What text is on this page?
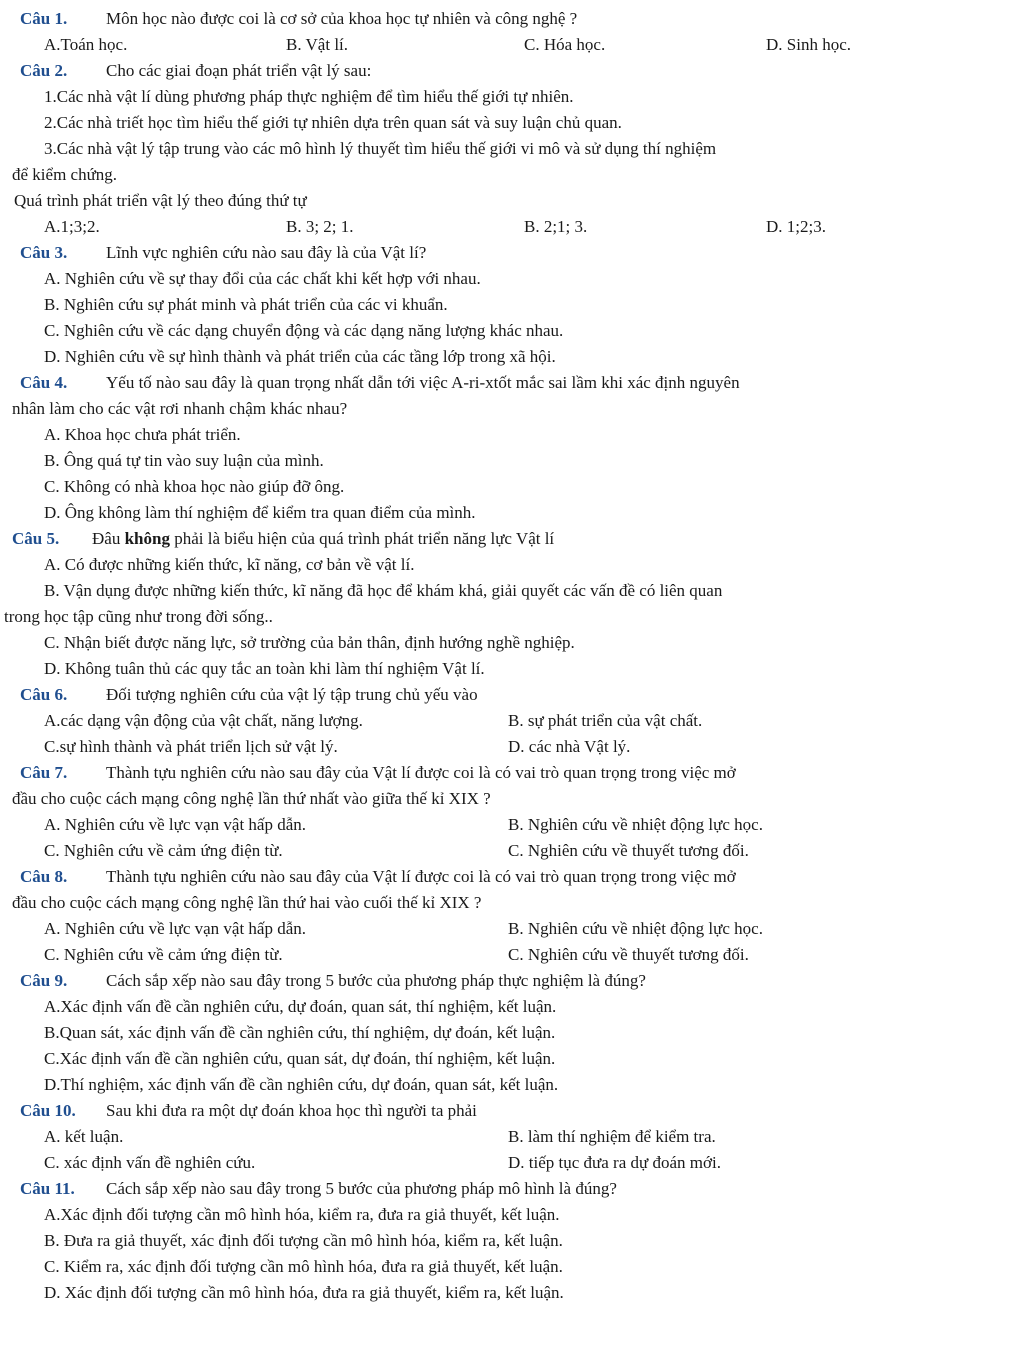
Câu 1. Môn học nào được coi là cơ sở của khoa học tự nhiên và công nghệ ?
A.Toán học.	B. Vật lí.	C. Hóa học.	D. Sinh học.
Câu 2. Cho các giai đoạn phát triển vật lý sau:
1.Các nhà vật lí dùng phương pháp thực nghiệm để tìm hiểu thế giới tự nhiên.
2.Các nhà triết học tìm hiểu thế giới tự nhiên dựa trên quan sát và suy luận chủ quan.
3.Các nhà vật lý tập trung vào các mô hình lý thuyết tìm hiểu thế giới vi mô và sử dụng thí nghiệm
để kiểm chứng.
Quá trình phát triển vật lý theo đúng thứ tự
A.1;3;2.	B. 3; 2; 1.	B. 2;1; 3.	D. 1;2;3.
Câu 3. Lĩnh vực nghiên cứu nào sau đây là của Vật lí?
A. Nghiên cứu về sự thay đổi của các chất khi kết hợp với nhau.
B. Nghiên cứu sự phát minh và phát triển của các vi khuẩn.
C. Nghiên cứu về các dạng chuyển động và các dạng năng lượng khác nhau.
D. Nghiên cứu về sự hình thành và phát triển của các tầng lớp trong xã hội.
Câu 4. Yếu tố nào sau đây là quan trọng nhất dẫn tới việc A-ri-xtốt mắc sai lầm khi xác định nguyên
nhân làm cho các vật rơi nhanh chậm khác nhau?
A. Khoa học chưa phát triển.
B. Ông quá tự tin vào suy luận của mình.
C. Không có nhà khoa học nào giúp đỡ ông.
D. Ông không làm thí nghiệm để kiểm tra quan điểm của mình.
Câu 5. Đâu không phải là biểu hiện của quá trình phát triển năng lực Vật lí
A. Có được những kiến thức, kĩ năng, cơ bản về vật lí.
B. Vận dụng được những kiến thức, kĩ năng đã học để khám khá, giải quyết các vấn đề có liên quan
trong học tập cũng như trong đời sống..
C. Nhận biết được năng lực, sở trường của bản thân, định hướng nghề nghiệp.
D. Không tuân thủ các quy tắc an toàn khi làm thí nghiệm Vật lí.
Câu 6. Đối tượng nghiên cứu của vật lý tập trung chủ yếu vào
A.các dạng vận động của vật chất, năng lượng.	B. sự phát triển của vật chất.
C.sự hình thành và phát triển lịch sử vật lý.	D. các nhà Vật lý.
Câu 7. Thành tựu nghiên cứu nào sau đây của Vật lí được coi là có vai trò quan trọng trong việc mở
đầu cho cuộc cách mạng công nghệ lần thứ nhất vào giữa thế kỉ XIX ?
A. Nghiên cứu về lực vạn vật hấp dẫn.	B. Nghiên cứu về nhiệt động lực học.
C. Nghiên cứu về cảm ứng điện từ.	C. Nghiên cứu về thuyết tương đối.
Câu 8. Thành tựu nghiên cứu nào sau đây của Vật lí được coi là có vai trò quan trọng trong việc mở
đầu cho cuộc cách mạng công nghệ lần thứ hai vào cuối thế kỉ XIX ?
A. Nghiên cứu về lực vạn vật hấp dẫn.	B. Nghiên cứu về nhiệt động lực học.
C. Nghiên cứu về cảm ứng điện từ.	C. Nghiên cứu về thuyết tương đối.
Câu 9. Cách sắp xếp nào sau đây trong 5 bước của phương pháp thực nghiệm là đúng?
A.Xác định vấn đề cần nghiên cứu, dự đoán, quan sát, thí nghiệm, kết luận.
B.Quan sát, xác định vấn đề cần nghiên cứu, thí nghiệm, dự đoán, kết luận.
C.Xác định vấn đề cần nghiên cứu, quan sát, dự đoán, thí nghiệm, kết luận.
D.Thí nghiệm, xác định vấn đề cần nghiên cứu, dự đoán, quan sát, kết luận.
Câu 10. Sau khi đưa ra một dự đoán khoa học thì người ta phải
A. kết luận.	B. làm thí nghiệm để kiểm tra.
C. xác định vấn đề nghiên cứu.	D. tiếp tục đưa ra dự đoán mới.
Câu 11. Cách sắp xếp nào sau đây trong 5 bước của phương pháp mô hình là đúng?
A.Xác định đối tượng cần mô hình hóa, kiểm ra, đưa ra giả thuyết, kết luận.
B. Đưa ra giả thuyết, xác định đối tượng cần mô hình hóa, kiểm ra, kết luận.
C. Kiểm ra, xác định đối tượng cần mô hình hóa, đưa ra giả thuyết, kết luận.
D. Xác định đối tượng cần mô hình hóa, đưa ra giả thuyết, kiểm ra, kết luận.
